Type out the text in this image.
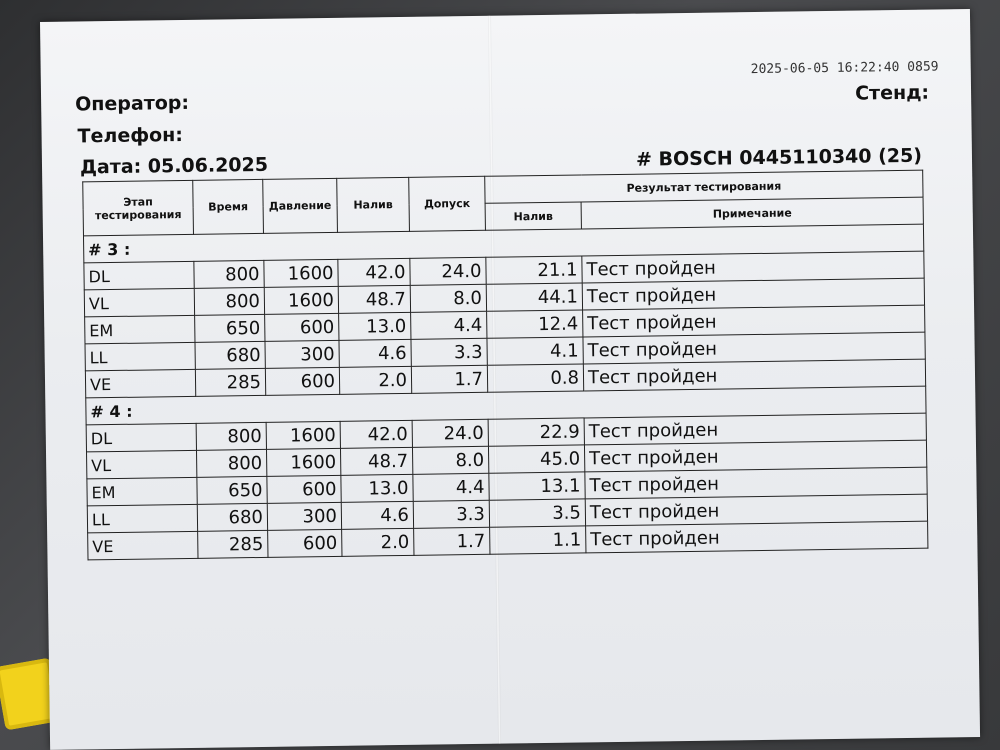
2025-06-05 16:22:40 0859
Оператор:
Телефон:
Дата: 05.06.2025
Стенд:
# BOSCH 0445110340 (25)
Этап тестирования	Время	Давление	Налив	Допуск	Результат тестирования	
					Налив	Примечание
# 3 :						
DL	800	1600	42.0	24.0	21.1	Тест пройден
VL	800	1600	48.7	8.0	44.1	Тест пройден
EM	650	600	13.0	4.4	12.4	Тест пройден
LL	680	300	4.6	3.3	4.1	Тест пройден
VE	285	600	2.0	1.7	0.8	Тест пройден
# 4 :						
DL	800	1600	42.0	24.0	22.9	Тест пройден
VL	800	1600	48.7	8.0	45.0	Тест пройден
EM	650	600	13.0	4.4	13.1	Тест пройден
LL	680	300	4.6	3.3	3.5	Тест пройден
VE	285	600	2.0	1.7	1.1	Тест пройден
